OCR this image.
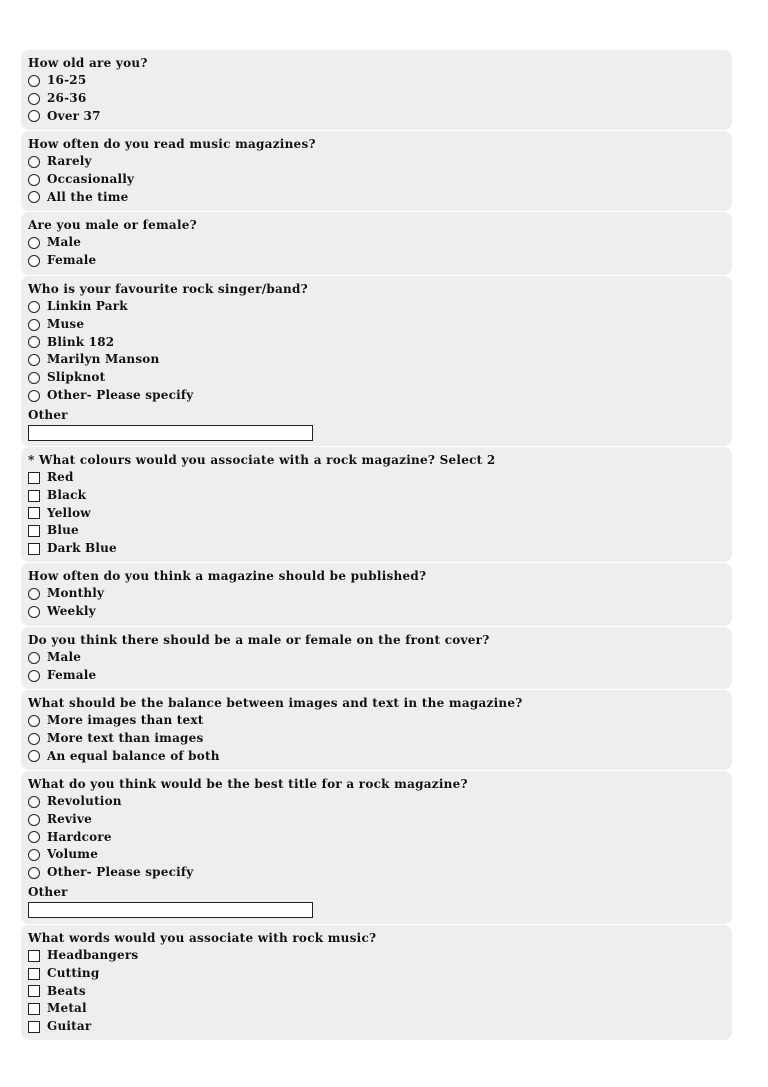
How old are you?
16-25
26-36
Over 37
How often do you read music magazines?
Rarely
Occasionally
All the time
Are you male or female?
Male
Female
Who is your favourite rock singer/band?
Linkin Park
Muse
Blink 182
Marilyn Manson
Slipknot
Other- Please specify
Other
* What colours would you associate with a rock magazine? Select 2
Red
Black
Yellow
Blue
Dark Blue
How often do you think a magazine should be published?
Monthly
Weekly
Do you think there should be a male or female on the front cover?
Male
Female
What should be the balance between images and text in the magazine?
More images than text
More text than images
An equal balance of both
What do you think would be the best title for a rock magazine?
Revolution
Revive
Hardcore
Volume
Other- Please specify
Other
What words would you associate with rock music?
Headbangers
Cutting
Beats
Metal
Guitar
